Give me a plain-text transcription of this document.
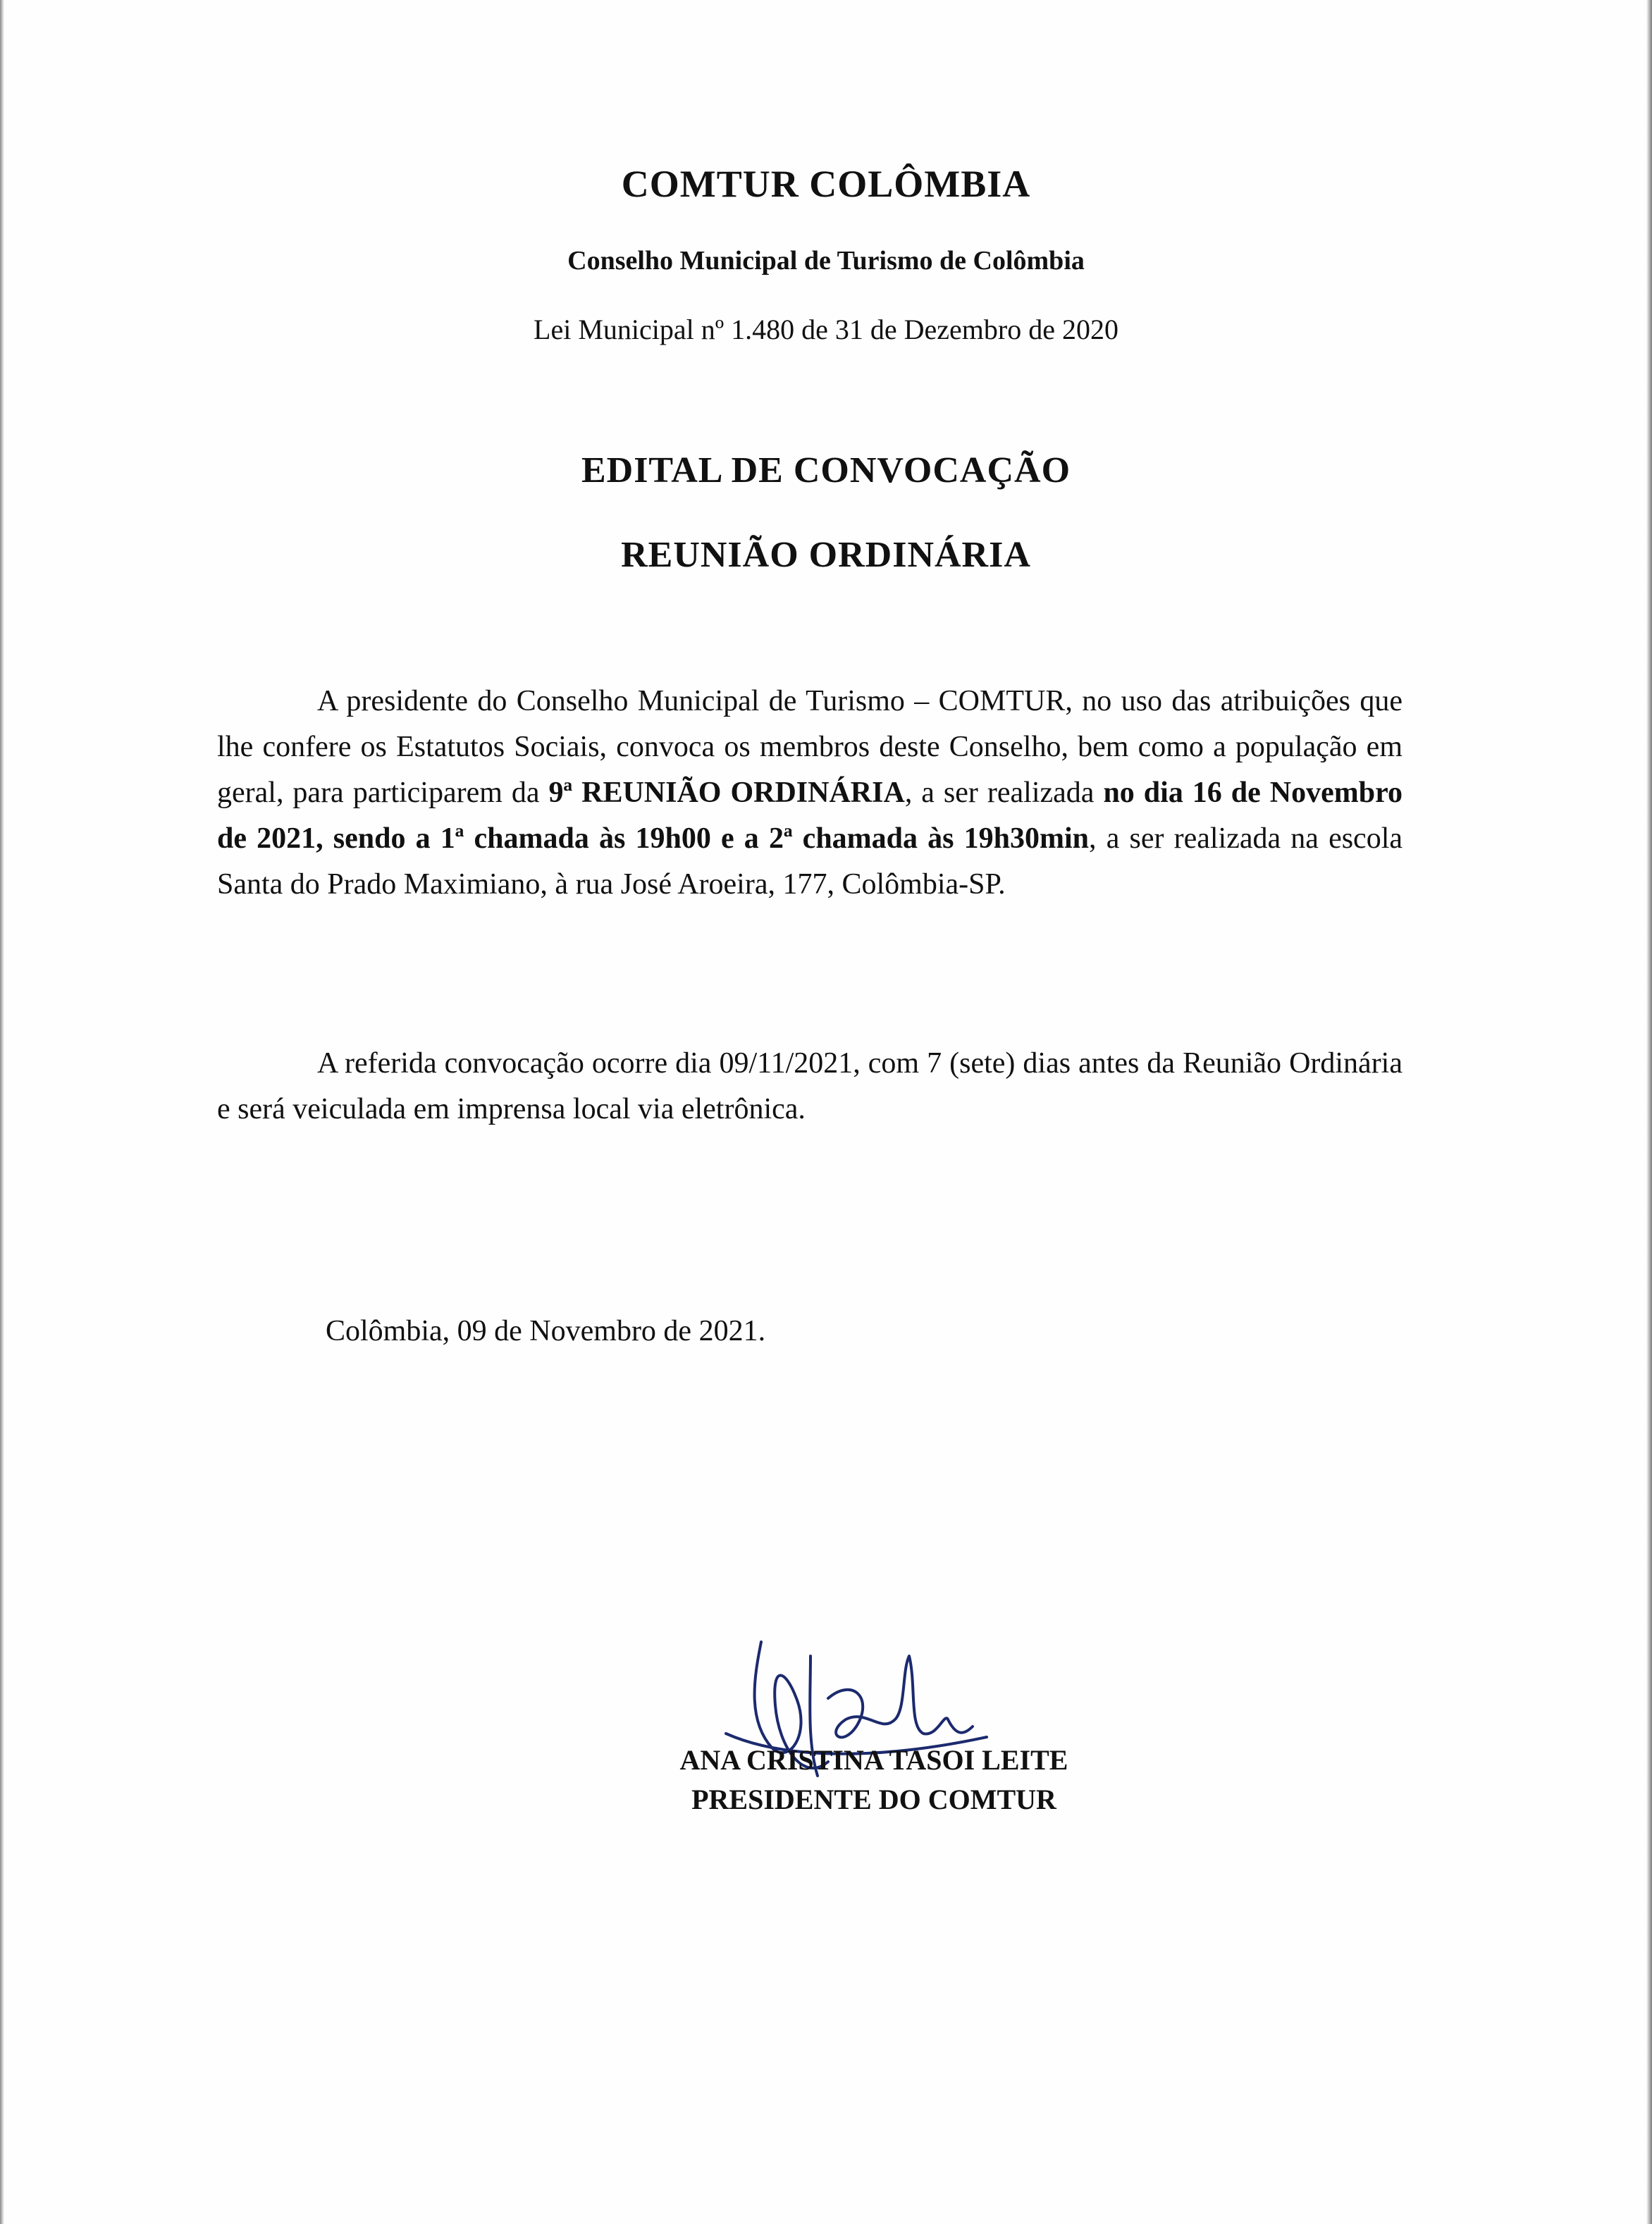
COMTUR COLÔMBIA
Conselho Municipal de Turismo de Colômbia
Lei Municipal nº 1.480 de 31 de Dezembro de 2020
EDITAL DE CONVOCAÇÃO
REUNIÃO ORDINÁRIA
A presidente do Conselho Municipal de Turismo – COMTUR, no uso das atribuições que lhe confere os Estatutos Sociais, convoca os membros deste Conselho, bem como a população em geral, para participarem da 9ª REUNIÃO ORDINÁRIA, a ser realizada no dia 16 de Novembro de 2021, sendo a 1ª chamada às 19h00 e a 2ª chamada às 19h30min, a ser realizada na escola Santa do Prado Maximiano, à rua José Aroeira, 177, Colômbia-SP.
A referida convocação ocorre dia 09/11/2021, com 7 (sete) dias antes da Reunião Ordinária e será veiculada em imprensa local via eletrônica.
Colômbia, 09 de Novembro de 2021.
ANA CRISTINA TASOI LEITE
PRESIDENTE DO COMTUR
